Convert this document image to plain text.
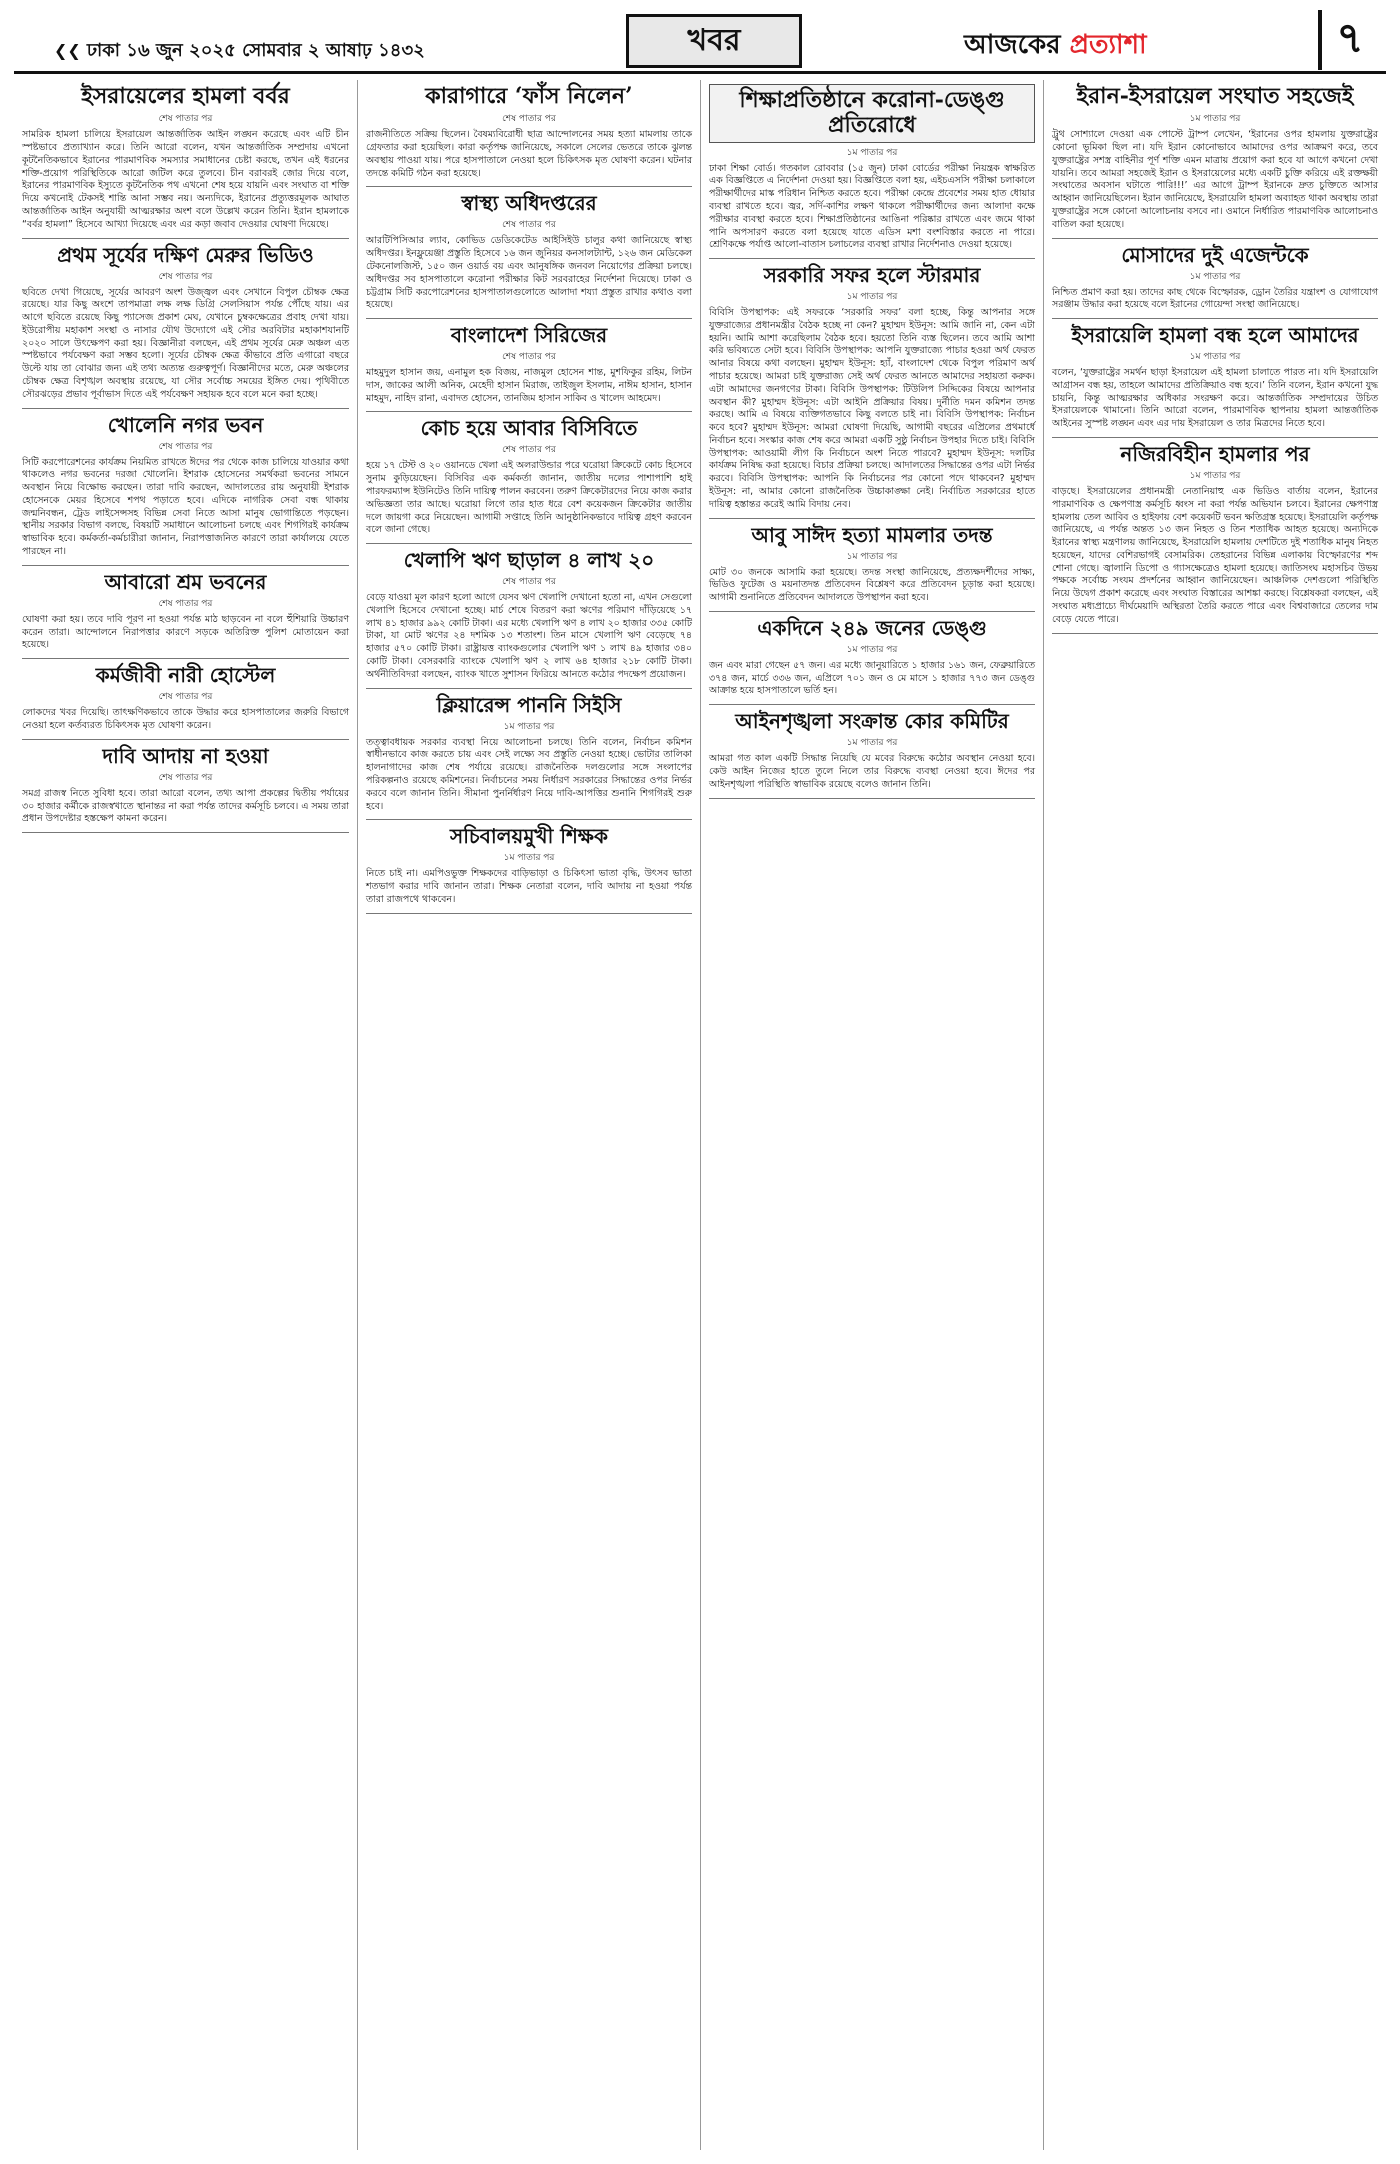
❮❮ ঢাকা ১৬ জুন ২০২৫ সোমবার ২ আষাঢ় ১৪৩২	খবর	আজকের প্রত্যাশা	৭
ইসরায়েলের হামলা বর্বর
শেষ পাতার পর
সামরিক হামলা চালিয়ে ইসরায়েল আন্তর্জাতিক আইন লঙ্ঘন করেছে এবং এটি চীন স্পষ্টভাবে প্রত্যাখ্যান করে। তিনি আরো বলেন, যখন আন্তর্জাতিক সম্প্রদায় এখনো কূটনৈতিকভাবে ইরানের পারমাণবিক সমস্যার সমাধানের চেষ্টা করছে, তখন এই ধরনের শক্তি-প্রয়োগ পরিস্থিতিকে আরো জটিল করে তুলবে। চীন বরাবরই জোর দিয়ে বলে, ইরানের পারমাণবিক ইস্যুতে কূটনৈতিক পথ এখনো শেষ হয়ে যায়নি এবং সংঘাত বা শক্তি দিয়ে কখনোই টেকসই শান্তি আনা সম্ভব নয়। অন্যদিকে, ইরানের প্রত্যুত্তরমূলক আঘাত আন্তর্জাতিক আইন অনুযায়ী আত্মরক্ষার অংশ বলে উল্লেখ করেন তিনি। ইরান হামলাকে “বর্বর হামলা” হিসেবে আখ্যা দিয়েছে এবং এর কড়া জবাব দেওয়ার ঘোষণা দিয়েছে।
প্রথম সূর্যের দক্ষিণ মেরুর ভিডিও
শেষ পাতার পর
ছবিতে দেখা গিয়েছে, সূর্যের আবরণ অংশ উজ্জ্বল এবং সেখানে বিপুল চৌম্বক ক্ষেত্র রয়েছে। যার কিছু অংশে তাপমাত্রা লক্ষ লক্ষ ডিগ্রি সেলসিয়াস পর্যন্ত পৌঁছে যায়। এর আগে ছবিতে রয়েছে কিছু প্যাসেজ প্রকাশ মেঘ, যেখানে চুম্বকক্ষেত্রের প্রবাহ দেখা যায়। ইউরোপীয় মহাকাশ সংস্থা ও নাসার যৌথ উদ্যোগে এই সৌর অরবিটার মহাকাশযানটি ২০২০ সালে উৎক্ষেপণ করা হয়। বিজ্ঞানীরা বলছেন, এই প্রথম সূর্যের মেরু অঞ্চল এত স্পষ্টভাবে পর্যবেক্ষণ করা সম্ভব হলো। সূর্যের চৌম্বক ক্ষেত্র কীভাবে প্রতি এগারো বছরে উল্টে যায় তা বোঝার জন্য এই তথ্য অত্যন্ত গুরুত্বপূর্ণ। বিজ্ঞানীদের মতে, মেরু অঞ্চলের চৌম্বক ক্ষেত্র বিশৃঙ্খল অবস্থায় রয়েছে, যা সৌর সর্বোচ্চ সময়ের ইঙ্গিত দেয়। পৃথিবীতে সৌরঝড়ের প্রভাব পূর্বাভাস দিতে এই পর্যবেক্ষণ সহায়ক হবে বলে মনে করা হচ্ছে।
খোলেনি নগর ভবন
শেষ পাতার পর
সিটি করপোরেশনের কার্যক্রম নিয়মিত রাখতে ঈদের পর থেকে কাজ চালিয়ে যাওয়ার কথা থাকলেও নগর ভবনের দরজা খোলেনি। ইশরাক হোসেনের সমর্থকরা ভবনের সামনে অবস্থান নিয়ে বিক্ষোভ করছেন। তারা দাবি করছেন, আদালতের রায় অনুযায়ী ইশরাক হোসেনকে মেয়র হিসেবে শপথ পড়াতে হবে। এদিকে নাগরিক সেবা বন্ধ থাকায় জন্মনিবন্ধন, ট্রেড লাইসেন্সসহ বিভিন্ন সেবা নিতে আসা মানুষ ভোগান্তিতে পড়ছেন। স্থানীয় সরকার বিভাগ বলছে, বিষয়টি সমাধানে আলোচনা চলছে এবং শিগগিরই কার্যক্রম স্বাভাবিক হবে। কর্মকর্তা-কর্মচারীরা জানান, নিরাপত্তাজনিত কারণে তারা কার্যালয়ে যেতে পারছেন না।
আবারো শ্রম ভবনের
শেষ পাতার পর
ঘোষণা করা হয়। তবে দাবি পূরণ না হওয়া পর্যন্ত মাঠ ছাড়বেন না বলে হুঁশিয়ারি উচ্চারণ করেন তারা। আন্দোলনে নিরাপত্তার কারণে সড়কে অতিরিক্ত পুলিশ মোতায়েন করা হয়েছে।
কর্মজীবী নারী হোস্টেল
শেষ পাতার পর
লোকদের খবর দিয়েছি। তাৎক্ষণিকভাবে তাকে উদ্ধার করে হাসপাতালের জরুরি বিভাগে নেওয়া হলে কর্তব্যরত চিকিৎসক মৃত ঘোষণা করেন।
দাবি আদায় না হওয়া
শেষ পাতার পর
সমগ্র রাজস্ব নিতে সুবিধা হবে। তারা আরো বলেন, তথ্য আপা প্রকল্পের দ্বিতীয় পর্যায়ের ৩০ হাজার কর্মীকে রাজস্বখাতে স্থানান্তর না করা পর্যন্ত তাদের কর্মসূচি চলবে। এ সময় তারা প্রধান উপদেষ্টার হস্তক্ষেপ কামনা করেন।
কারাগারে ‘ফাঁস নিলেন’
শেষ পাতার পর
রাজনীতিতে সক্রিয় ছিলেন। বৈষম্যবিরোধী ছাত্র আন্দোলনের সময় হত্যা মামলায় তাকে গ্রেফতার করা হয়েছিল। কারা কর্তৃপক্ষ জানিয়েছে, সকালে সেলের ভেতরে তাকে ঝুলন্ত অবস্থায় পাওয়া যায়। পরে হাসপাতালে নেওয়া হলে চিকিৎসক মৃত ঘোষণা করেন। ঘটনার তদন্তে কমিটি গঠন করা হয়েছে।
স্বাস্থ্য অধিদপ্তরের
শেষ পাতার পর
আরটিপিসিআর ল্যাব, কোভিড ডেডিকেটেড আইসিইউ চালুর কথা জানিয়েছে স্বাস্থ্য অধিদপ্তর। ইনফ্লুয়েঞ্জা প্রস্তুতি হিসেবে ১৬ জন জুনিয়র কনসালট্যান্ট, ১২৬ জন মেডিকেল টেকনোলজিস্ট, ১৫০ জন ওয়ার্ড বয় এবং আনুষঙ্গিক জনবল নিয়োগের প্রক্রিয়া চলছে। অধিদপ্তর সব হাসপাতালে করোনা পরীক্ষার কিট সরবরাহের নির্দেশনা দিয়েছে। ঢাকা ও চট্টগ্রাম সিটি করপোরেশনের হাসপাতালগুলোতে আলাদা শয্যা প্রস্তুত রাখার কথাও বলা হয়েছে।
বাংলাদেশ সিরিজের
শেষ পাতার পর
মাহমুদুল হাসান জয়, এনামুল হক বিজয়, নাজমুল হোসেন শান্ত, মুশফিকুর রহিম, লিটন দাস, জাকের আলী অনিক, মেহেদী হাসান মিরাজ, তাইজুল ইসলাম, নাঈম হাসান, হাসান মাহমুদ, নাহিদ রানা, এবাদত হোসেন, তানজিম হাসান সাকিব ও খালেদ আহমেদ।
কোচ হয়ে আবার বিসিবিতে
শেষ পাতার পর
হয়ে ১৭ টেস্ট ও ২০ ওয়ানডে খেলা এই অলরাউন্ডার পরে ঘরোয়া ক্রিকেটে কোচ হিসেবে সুনাম কুড়িয়েছেন। বিসিবির এক কর্মকর্তা জানান, জাতীয় দলের পাশাপাশি হাই পারফরম্যান্স ইউনিটেও তিনি দায়িত্ব পালন করবেন। তরুণ ক্রিকেটারদের নিয়ে কাজ করার অভিজ্ঞতা তার আছে। ঘরোয়া লিগে তার হাত ধরে বেশ কয়েকজন ক্রিকেটার জাতীয় দলে জায়গা করে নিয়েছেন। আগামী সপ্তাহে তিনি আনুষ্ঠানিকভাবে দায়িত্ব গ্রহণ করবেন বলে জানা গেছে।
খেলাপি ঋণ ছাড়াল ৪ লাখ ২০
শেষ পাতার পর
বেড়ে যাওয়া মূল কারণ হলো আগে যেসব ঋণ খেলাপি দেখানো হতো না, এখন সেগুলো খেলাপি হিসেবে দেখানো হচ্ছে। মার্চ শেষে বিতরণ করা ঋণের পরিমাণ দাঁড়িয়েছে ১৭ লাখ ৪১ হাজার ৯৯২ কোটি টাকা। এর মধ্যে খেলাপি ঋণ ৪ লাখ ২০ হাজার ৩৩৫ কোটি টাকা, যা মোট ঋণের ২৪ দশমিক ১৩ শতাংশ। তিন মাসে খেলাপি ঋণ বেড়েছে ৭৪ হাজার ৫৭০ কোটি টাকা। রাষ্ট্রায়ত্ত ব্যাংকগুলোর খেলাপি ঋণ ১ লাখ ৪৯ হাজার ৩৪০ কোটি টাকা। বেসরকারি ব্যাংকে খেলাপি ঋণ ২ লাখ ৬৪ হাজার ২১৮ কোটি টাকা। অর্থনীতিবিদরা বলছেন, ব্যাংক খাতে সুশাসন ফিরিয়ে আনতে কঠোর পদক্ষেপ প্রয়োজন।
ক্লিয়ারেন্স পাননি সিইসি
১ম পাতার পর
তত্ত্বাবধায়ক সরকার ব্যবস্থা নিয়ে আলোচনা চলছে। তিনি বলেন, নির্বাচন কমিশন স্বাধীনভাবে কাজ করতে চায় এবং সেই লক্ষ্যে সব প্রস্তুতি নেওয়া হচ্ছে। ভোটার তালিকা হালনাগাদের কাজ শেষ পর্যায়ে রয়েছে। রাজনৈতিক দলগুলোর সঙ্গে সংলাপের পরিকল্পনাও রয়েছে কমিশনের। নির্বাচনের সময় নির্ধারণ সরকারের সিদ্ধান্তের ওপর নির্ভর করবে বলে জানান তিনি। সীমানা পুনর্নির্ধারণ নিয়ে দাবি-আপত্তির শুনানি শিগগিরই শুরু হবে।
সচিবালয়মুখী শিক্ষক
১ম পাতার পর
নিতে চাই না। এমপিওভুক্ত শিক্ষকদের বাড়িভাড়া ও চিকিৎসা ভাতা বৃদ্ধি, উৎসব ভাতা শতভাগ করার দাবি জানান তারা। শিক্ষক নেতারা বলেন, দাবি আদায় না হওয়া পর্যন্ত তারা রাজপথে থাকবেন।
শিক্ষাপ্রতিষ্ঠানে করোনা-ডেঙ্গু প্রতিরোধে
১ম পাতার পর
ঢাকা শিক্ষা বোর্ড। গতকাল রোববার (১৫ জুন) ঢাকা বোর্ডের পরীক্ষা নিয়ন্ত্রক স্বাক্ষরিত এক বিজ্ঞপ্তিতে এ নির্দেশনা দেওয়া হয়। বিজ্ঞপ্তিতে বলা হয়, এইচএসসি পরীক্ষা চলাকালে পরীক্ষার্থীদের মাস্ক পরিধান নিশ্চিত করতে হবে। পরীক্ষা কেন্দ্রে প্রবেশের সময় হাত ধোয়ার ব্যবস্থা রাখতে হবে। জ্বর, সর্দি-কাশির লক্ষণ থাকলে পরীক্ষার্থীদের জন্য আলাদা কক্ষে পরীক্ষার ব্যবস্থা করতে হবে। শিক্ষাপ্রতিষ্ঠানের আঙিনা পরিষ্কার রাখতে এবং জমে থাকা পানি অপসারণ করতে বলা হয়েছে যাতে এডিস মশা বংশবিস্তার করতে না পারে। শ্রেণিকক্ষে পর্যাপ্ত আলো-বাতাস চলাচলের ব্যবস্থা রাখার নির্দেশনাও দেওয়া হয়েছে।
সরকারি সফর হলে স্টারমার
১ম পাতার পর
বিবিসি উপস্থাপক: এই সফরকে ‘সরকারি সফর’ বলা হচ্ছে, কিন্তু আপনার সঙ্গে যুক্তরাজ্যের প্রধানমন্ত্রীর বৈঠক হচ্ছে না কেন? মুহাম্মদ ইউনূস: আমি জানি না, কেন এটা হয়নি। আমি আশা করেছিলাম বৈঠক হবে। হয়তো তিনি ব্যস্ত ছিলেন। তবে আমি আশা করি ভবিষ্যতে সেটা হবে। বিবিসি উপস্থাপক: আপনি যুক্তরাজ্যে পাচার হওয়া অর্থ ফেরত আনার বিষয়ে কথা বলছেন। মুহাম্মদ ইউনূস: হ্যাঁ, বাংলাদেশ থেকে বিপুল পরিমাণ অর্থ পাচার হয়েছে। আমরা চাই যুক্তরাজ্য সেই অর্থ ফেরত আনতে আমাদের সহায়তা করুক। এটা আমাদের জনগণের টাকা। বিবিসি উপস্থাপক: টিউলিপ সিদ্দিকের বিষয়ে আপনার অবস্থান কী? মুহাম্মদ ইউনূস: এটা আইনি প্রক্রিয়ার বিষয়। দুর্নীতি দমন কমিশন তদন্ত করছে। আমি এ বিষয়ে ব্যক্তিগতভাবে কিছু বলতে চাই না। বিবিসি উপস্থাপক: নির্বাচন কবে হবে? মুহাম্মদ ইউনূস: আমরা ঘোষণা দিয়েছি, আগামী বছরের এপ্রিলের প্রথমার্ধে নির্বাচন হবে। সংস্কার কাজ শেষ করে আমরা একটি সুষ্ঠু নির্বাচন উপহার দিতে চাই। বিবিসি উপস্থাপক: আওয়ামী লীগ কি নির্বাচনে অংশ নিতে পারবে? মুহাম্মদ ইউনূস: দলটির কার্যক্রম নিষিদ্ধ করা হয়েছে। বিচার প্রক্রিয়া চলছে। আদালতের সিদ্ধান্তের ওপর এটা নির্ভর করবে। বিবিসি উপস্থাপক: আপনি কি নির্বাচনের পর কোনো পদে থাকবেন? মুহাম্মদ ইউনূস: না, আমার কোনো রাজনৈতিক উচ্চাকাঙ্ক্ষা নেই। নির্বাচিত সরকারের হাতে দায়িত্ব হস্তান্তর করেই আমি বিদায় নেব।
আবু সাঈদ হত্যা মামলার তদন্ত
১ম পাতার পর
মোট ৩০ জনকে আসামি করা হয়েছে। তদন্ত সংস্থা জানিয়েছে, প্রত্যক্ষদর্শীদের সাক্ষ্য, ভিডিও ফুটেজ ও ময়নাতদন্ত প্রতিবেদন বিশ্লেষণ করে প্রতিবেদন চূড়ান্ত করা হয়েছে। আগামী শুনানিতে প্রতিবেদন আদালতে উপস্থাপন করা হবে।
একদিনে ২৪৯ জনের ডেঙ্গু
১ম পাতার পর
জন এবং মারা গেছেন ৫৭ জন। এর মধ্যে জানুয়ারিতে ১ হাজার ১৬১ জন, ফেব্রুয়ারিতে ৩৭৪ জন, মার্চে ৩৩৬ জন, এপ্রিলে ৭০১ জন ও মে মাসে ১ হাজার ৭৭৩ জন ডেঙ্গু আক্রান্ত হয়ে হাসপাতালে ভর্তি হন।
আইনশৃঙ্খলা সংক্রান্ত কোর কমিটির
১ম পাতার পর
আমরা গত কাল একটি সিদ্ধান্ত নিয়েছি যে মবের বিরুদ্ধে কঠোর অবস্থান নেওয়া হবে। কেউ আইন নিজের হাতে তুলে নিলে তার বিরুদ্ধে ব্যবস্থা নেওয়া হবে। ঈদের পর আইনশৃঙ্খলা পরিস্থিতি স্বাভাবিক রয়েছে বলেও জানান তিনি।
ইরান-ইসরায়েল সংঘাত সহজেই
১ম পাতার পর
ট্রুথ সোশ্যালে দেওয়া এক পোস্টে ট্রাম্প লেখেন, ‘ইরানের ওপর হামলায় যুক্তরাষ্ট্রের কোনো ভূমিকা ছিল না। যদি ইরান কোনোভাবে আমাদের ওপর আক্রমণ করে, তবে যুক্তরাষ্ট্রের সশস্ত্র বাহিনীর পূর্ণ শক্তি এমন মাত্রায় প্রয়োগ করা হবে যা আগে কখনো দেখা যায়নি। তবে আমরা সহজেই ইরান ও ইসরায়েলের মধ্যে একটি চুক্তি করিয়ে এই রক্তক্ষয়ী সংঘাতের অবসান ঘটাতে পারি!!!’ এর আগে ট্রাম্প ইরানকে দ্রুত চুক্তিতে আসার আহ্বান জানিয়েছিলেন। ইরান জানিয়েছে, ইসরায়েলি হামলা অব্যাহত থাকা অবস্থায় তারা যুক্তরাষ্ট্রের সঙ্গে কোনো আলোচনায় বসবে না। ওমানে নির্ধারিত পারমাণবিক আলোচনাও বাতিল করা হয়েছে।
মোসাদের দুই এজেন্টকে
১ম পাতার পর
নিশ্চিত প্রমাণ করা হয়। তাদের কাছ থেকে বিস্ফোরক, ড্রোন তৈরির যন্ত্রাংশ ও যোগাযোগ সরঞ্জাম উদ্ধার করা হয়েছে বলে ইরানের গোয়েন্দা সংস্থা জানিয়েছে।
ইসরায়েলি হামলা বন্ধ হলে আমাদের
১ম পাতার পর
বলেন, ‘যুক্তরাষ্ট্রের সমর্থন ছাড়া ইসরায়েল এই হামলা চালাতে পারত না। যদি ইসরায়েলি আগ্রাসন বন্ধ হয়, তাহলে আমাদের প্রতিক্রিয়াও বন্ধ হবে।’ তিনি বলেন, ইরান কখনো যুদ্ধ চায়নি, কিন্তু আত্মরক্ষার অধিকার সংরক্ষণ করে। আন্তর্জাতিক সম্প্রদায়ের উচিত ইসরায়েলকে থামানো। তিনি আরো বলেন, পারমাণবিক স্থাপনায় হামলা আন্তর্জাতিক আইনের সুস্পষ্ট লঙ্ঘন এবং এর দায় ইসরায়েল ও তার মিত্রদের নিতে হবে।
নজিরবিহীন হামলার পর
১ম পাতার পর
বাড়ছে। ইসরায়েলের প্রধানমন্ত্রী নেতানিয়াহু এক ভিডিও বার্তায় বলেন, ইরানের পারমাণবিক ও ক্ষেপণাস্ত্র কর্মসূচি ধ্বংস না করা পর্যন্ত অভিযান চলবে। ইরানের ক্ষেপণাস্ত্র হামলায় তেল আবিব ও হাইফায় বেশ কয়েকটি ভবন ক্ষতিগ্রস্ত হয়েছে। ইসরায়েলি কর্তৃপক্ষ জানিয়েছে, এ পর্যন্ত অন্তত ১৩ জন নিহত ও তিন শতাধিক আহত হয়েছে। অন্যদিকে ইরানের স্বাস্থ্য মন্ত্রণালয় জানিয়েছে, ইসরায়েলি হামলায় দেশটিতে দুই শতাধিক মানুষ নিহত হয়েছেন, যাদের বেশিরভাগই বেসামরিক। তেহরানের বিভিন্ন এলাকায় বিস্ফোরণের শব্দ শোনা গেছে। জ্বালানি ডিপো ও গ্যাসক্ষেত্রেও হামলা হয়েছে। জাতিসংঘ মহাসচিব উভয় পক্ষকে সর্বোচ্চ সংযম প্রদর্শনের আহ্বান জানিয়েছেন। আঞ্চলিক দেশগুলো পরিস্থিতি নিয়ে উদ্বেগ প্রকাশ করেছে এবং সংঘাত বিস্তারের আশঙ্কা করছে। বিশ্লেষকরা বলছেন, এই সংঘাত মধ্যপ্রাচ্যে দীর্ঘমেয়াদি অস্থিরতা তৈরি করতে পারে এবং বিশ্ববাজারে তেলের দাম বেড়ে যেতে পারে।
